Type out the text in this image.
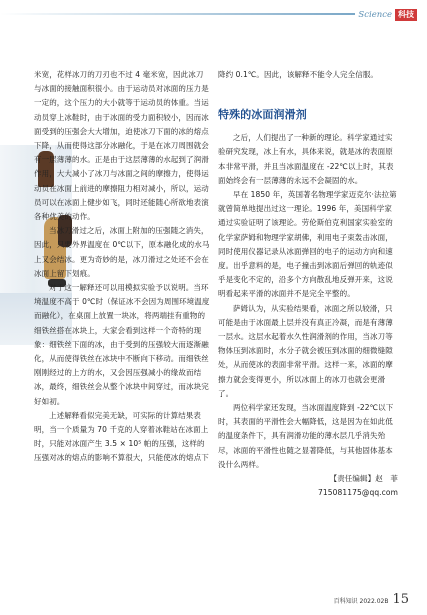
Science 科技

米宽，花样冰刀的刀刃也不过 4 毫米宽，因此冰刀与冰面的接触面积很小。由于运动员对冰面的压力是一定的，这个压力的大小就等于运动员的体重。当运动员穿上冰鞋时，由于冰面的受力面积较小，因而冰面受到的压强会大大增加，迫使冰刀下面的冰的熔点下降，从而使得这部分冰融化，于是在冰刀周围就会有一层薄薄的水。正是由于这层薄薄的水起到了润滑作用，大大减小了冰刀与冰面之间的摩擦力，使得运动员在冰面上前进的摩擦阻力相对减小，所以，运动员可以在冰面上健步如飞，同时还能随心所欲地表演各种优美的动作。

当冰刀滑过之后，冰面上附加的压强随之消失，因此，只要外界温度在 0℃以下，原本融化成的水马上又会结冰。更为奇妙的是，冰刀滑过之处还不会在冰面上留下划痕。

对于这一解释还可以用模拟实验予以说明。当环境温度不高于 0℃时（保证冰不会因为周围环境温度而融化），在桌面上放置一块冰，将两端挂有重物的细铁丝搭在冰块上，大家会看到这样一个奇特的现象：细铁丝下面的冰，由于受到的压强较大而逐渐融化，从而使得铁丝在冰块中不断向下移动。而细铁丝刚刚经过的上方的水，又会因压强减小的缘故而结冰，最终，细铁丝会从整个冰块中间穿过，而冰块完好如初。

上述解释看似完美无缺，可实际的计算结果表明，当一个质量为 70 千克的人穿着冰鞋站在冰面上时，只能对冰面产生 3.5 × 10⁵ 帕的压强，这样的压强对冰的熔点的影响不算很大，只能使冰的熔点下

降约 0.1℃。因此，该解释不能令人完全信服。

特殊的冰面润滑剂

之后，人们提出了一种新的理论。科学家通过实验研究发现，冰上有水，具体来说，就是冰的表面原本非常平滑，并且当冰面温度在 -22℃以上时，其表面始终会有一层薄薄的永远不会凝固的水。

早在 1850 年，英国著名物理学家迈克尔·法拉第就曾简单地提出过这一理论。1996 年，美国科学家通过实验证明了该理论。劳伦斯伯克利国家实验室的化学家萨姆和物理学家胡佛，利用电子束轰击冰面，同时使用仪器记录从冰面弹回的电子的运动方向和速度。出乎意料的是，电子撞击到冰面后弹回的轨迹似乎是变化不定的，沿多个方向散乱地反弹开来，这说明看起来平滑的冰面并不是完全平整的。

萨姆认为，从实验结果看，冰面之所以较滑，只可能是由于冰面最上层并没有真正冷凝，而是有薄薄一层水。这层水起着水久性润滑剂的作用，当冰刀等物体压到冰面时，水分子就会被压到冰面的细微缝隙处，从而使冰的表面非常平滑。这样一来，冰面的摩擦力就会变得更小，所以冰面上的冰刀也就会更滑了。

两位科学家还发现，当冰面温度降到 -22℃以下时，其表面的平滑性会大幅降低，这是因为在如此低的温度条件下，具有润滑功能的薄水层几乎消失殆尽，冰面的平滑性也随之显著降低，与其他固体基本没什么两样。

【责任编辑】赵　菲

715081175@qq.com

百科知识 2022.02B 15
